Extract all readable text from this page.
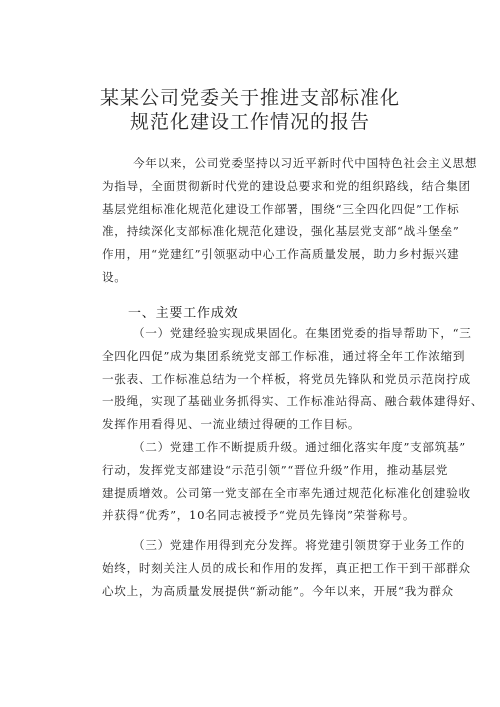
某某公司党委关于推进支部标准化
规范化建设工作情况的报告
今年以来，公司党委坚持以习近平新时代中国特色社会主义思想
为指导，全面贯彻新时代党的建设总要求和党的组织路线，结合集团
基层党组标准化规范化建设工作部署，围绕“三全四化四促”工作标
准，持续深化支部标准化规范化建设，强化基层党支部“战斗堡垒”
作用，用“党建红”引领驱动中心工作高质量发展，助力乡村振兴建
设。
一、主要工作成效
（一）党建经验实现成果固化。在集团党委的指导帮助下，“三
全四化四促”成为集团系统党支部工作标准，通过将全年工作浓缩到
一张表、工作标准总结为一个样板，将党员先锋队和党员示范岗拧成
一股绳，实现了基础业务抓得实、工作标准站得高、融合载体建得好、
发挥作用看得见、一流业绩过得硬的工作目标。
（二）党建工作不断提质升级。通过细化落实年度”支部筑基”
行动，发挥党支部建设“示范引领”“晋位升级”作用，推动基层党
建提质增效。公司第一党支部在全市率先通过规范化标准化创建验收
并获得“优秀”，10名同志被授予“党员先锋岗”荣誉称号。
（三）党建作用得到充分发挥。将党建引领贯穿于业务工作的
始终，时刻关注人员的成长和作用的发挥，真正把工作干到干部群众
心坎上，为高质量发展提供“新动能”。今年以来，开展“我为群众
